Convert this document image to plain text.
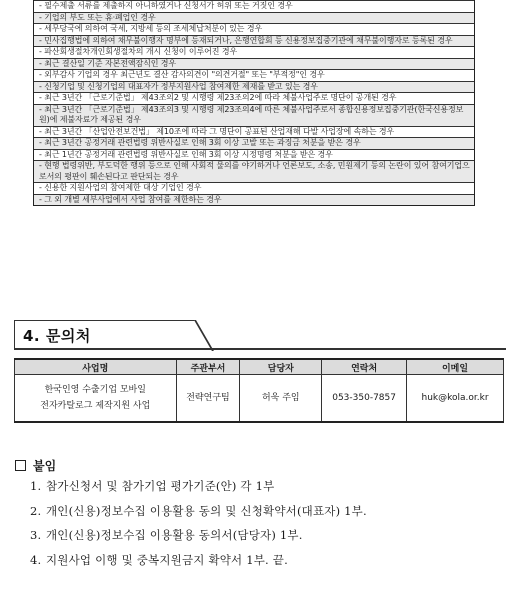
- 필수제출 서류를 제출하지 아니하였거나 신청서가 허위 또는 거짓인 경우
- 기업의 부도 또는 휴·폐업인 경우
- 세무당국에 의하여 국세, 지방세 등의 조세체납처분이 있는 경우
- 민사집행법에 의하여 채무불이행자 명부에 등재되거나, 은행연합회 등 신용정보집중기관에 채무불이행자로 등록된 경우
- 파산회생절차개인회생절차의 개시 신청이 이루어진 경우
- 최근 결산일 기준 자본전액잠식인 경우
- 외부감사 기업의 경우 최근년도 결산 감사의견이 "의견거절" 또는 "부적정"인 경우
- 신청기업 및 신청기업의 대표자가 정부지원사업 참여제한 제재를 받고 있는 경우
- 최근 3년간 「근로기준법」 제43조의2 및 시행령 제23조의2에 따라 체불사업주로 명단이 공개된 경우
- 최근 3년간 「근로기준법」 제43조의3 및 시행령 제23조의4에 따른 체불사업주로서 종합신용정보집중기관(한국신용정보원)에 제불자료가 제공된 경우
- 최근 3년간 「산업안전보건법」 제10조에 따라 그 명단이 공표된 산업재해 다발 사업장에 속하는 경우
- 최근 3년간 공정거래 관련법령 위반사실로 인해 3회 이상 고발 또는 과징금 처분을 받은 경우
- 최근 1년간 공정거래 관련법령 위반사실로 인해 3회 이상 시정명령 처분을 받은 경우
- 현행 법령위반, 부도덕한 행위 등으로 인해 사회적 물의를 야기하거나 언론보도, 소송, 민원제기 등의 논란이 있어 참여기업으로서의 평판이 훼손된다고 판단되는 경우
- 신용한 지원사업의 참여제한 대상 기업인 경우
- 그 외 개별 세부사업에서 사업 참여를 제한하는 경우
4. 문의처
사업명	주관부서	담당자	연락처	이메일

한국인영 수출기업 모바일
전자카탈로그 제작지원 사업	전략연구팀	허욱 주임	053-350-7857	huk@kola.or.kr
붙임
1. 참가신청서 및 참가기업 평가기준(안) 각 1부
2. 개인(신용)정보수집 이용활용 동의 및 신청확약서(대표자) 1부.
3. 개인(신용)정보수집 이용활용 동의서(담당자) 1부.
4. 지원사업 이행 및 중복지원금지 확약서 1부. 끝.
